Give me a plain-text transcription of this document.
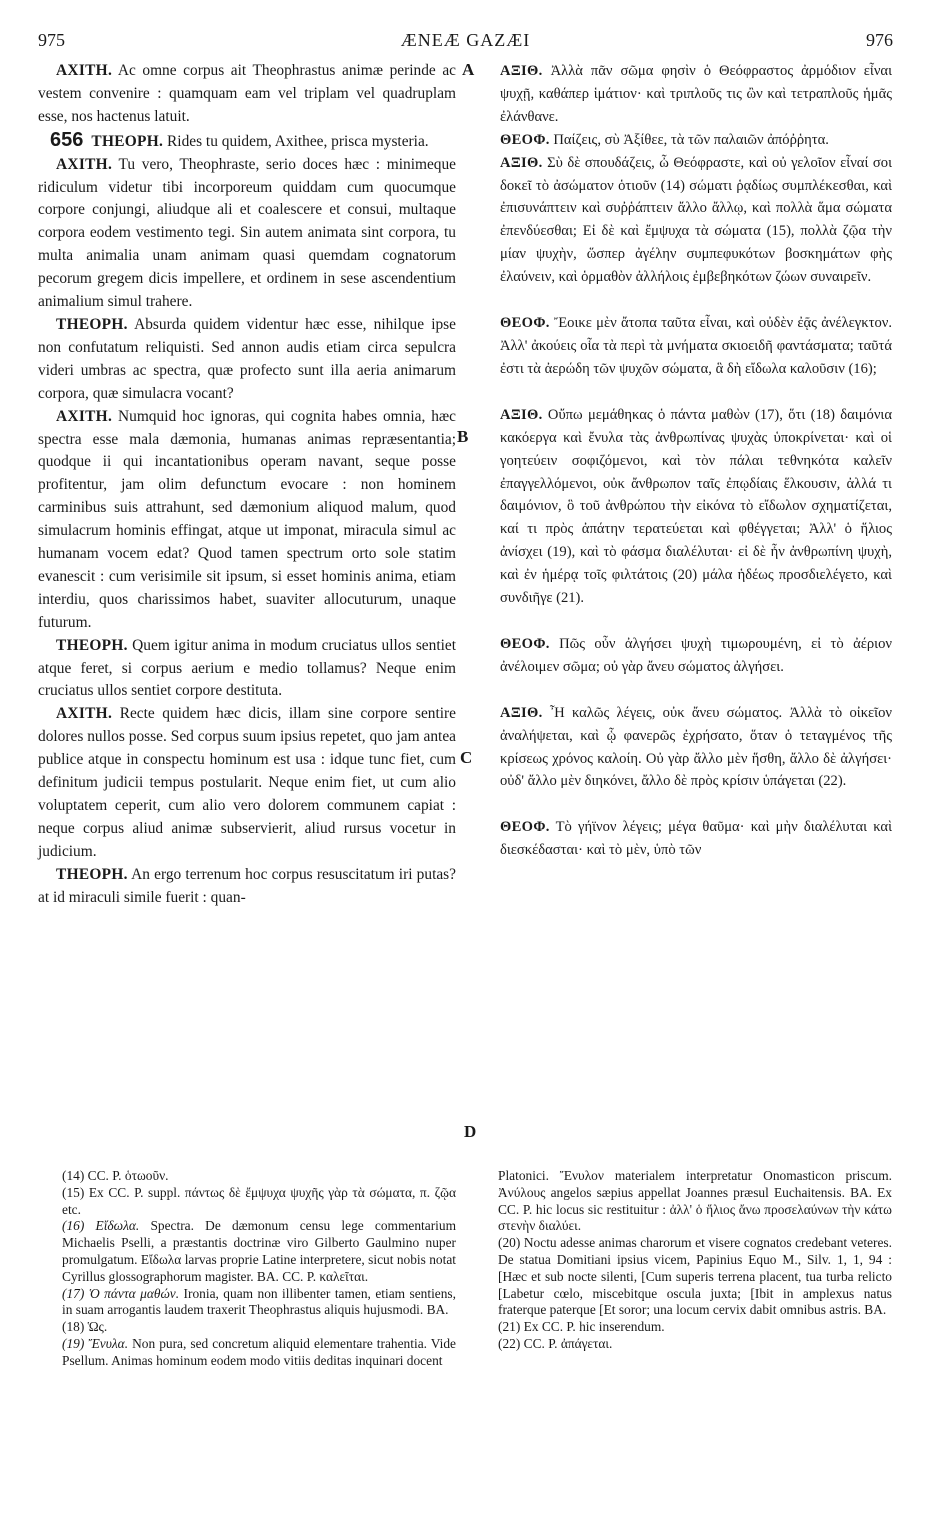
975	ÆNEÆ GAZÆI	976
A
B
C
D

AXITH. Ac omne corpus ait Theophrastus animæ perinde ac vestem convenire : quamquam eam vel triplam vel quadruplam esse, nos hactenus latuit.

656 THEOPH. Rides tu quidem, Axithee, prisca mysteria.

AXITH. Tu vero, Theophraste, serio doces hæc : minimeque ridiculum videtur tibi incorporeum quiddam cum quocumque corpore conjungi, aliudque ali et coalescere et consui, multaque corpora eodem vestimento tegi. Sin autem animata sint corpora, tu multa animalia unam animam quasi quemdam cognatorum pecorum gregem dicis impellere, et ordinem in sese ascendentium animalium simul trahere.

THEOPH. Absurda quidem videntur hæc esse, nihilque ipse non confutatum reliquisti. Sed annon audis etiam circa sepulcra videri umbras ac spectra, quæ profecto sunt illa aeria animarum corpora, quæ simulacra vocant?

AXITH. Numquid hoc ignoras, qui cognita habes omnia, hæc spectra esse mala dæmonia, humanas animas repræsentantia; quodque ii qui incantationibus operam navant, seque posse profitentur, jam olim defunctum evocare : non hominem carminibus suis attrahunt, sed dæmonium aliquod malum, quod simulacrum hominis effingat, atque ut imponat, miracula simul ac humanam vocem edat? Quod tamen spectrum orto sole statim evanescit : cum verisimile sit ipsum, si esset hominis anima, etiam interdiu, quos charissimos habet, suaviter allocuturum, unaque futurum.

THEOPH. Quem igitur anima in modum cruciatus ullos sentiet atque feret, si corpus aerium e medio tollamus? Neque enim cruciatus ullos sentiet corpore destituta.

AXITH. Recte quidem hæc dicis, illam sine corpore sentire dolores nullos posse. Sed corpus suum ipsius repetet, quo jam antea publice atque in conspectu hominum est usa : idque tunc fiet, cum definitum judicii tempus postularit. Neque enim fiet, ut cum alio voluptatem ceperit, cum alio vero dolorem communem capiat : neque corpus aliud animæ subservierit, aliud rursus vocetur in judicium.

THEOPH. An ergo terrenum hoc corpus resuscitatum iri putas? at id miraculi simile fuerit : quan-

ΑΞΙΘ. Ἀλλὰ πᾶν σῶμα φησὶν ὁ Θεόφραστος ἀρμόδιον εἶναι ψυχῇ, καθάπερ ἱμάτιον· καὶ τριπλοῦς τις ὢν καὶ τετραπλοῦς ἡμᾶς ἐλάνθανε.

ΘΕΟΦ. Παίζεις, σὺ Ἀξίθεε, τὰ τῶν παλαιῶν ἀπόῤῥητα.

ΑΞΙΘ. Σὺ δὲ σπουδάζεις, ὦ Θεόφραστε, καὶ οὐ γελοῖον εἶναί σοι δοκεῖ τὸ ἀσώματον ὁτιοῦν (14) σώματι ῥᾳδίως συμπλέκεσθαι, καὶ ἐπισυνάπτειν καὶ συῤῥάπτειν ἄλλο ἄλλῳ, καὶ πολλὰ ἅμα σώματα ἐπενδύεσθαι; Εἰ δὲ καὶ ἔμψυχα τὰ σώματα (15), πολλὰ ζῷα τὴν μίαν ψυχὴν, ὥσπερ ἀγέλην συμπεφυκότων βοσκημάτων φὴς ἐλαύνειν, καὶ ὁρμαθὸν ἀλλήλοις ἐμβεβηκότων ζώων συναιρεῖν.

ΘΕΟΦ. Ἔοικε μὲν ἄτοπα ταῦτα εἶναι, καὶ οὐδὲν ἐᾷς ἀνέλεγκτον. Ἀλλ' ἀκούεις οἷα τὰ περὶ τὰ μνήματα σκιοειδῆ φαντάσματα; ταῦτά ἐστι τὰ ἀερώδη τῶν ψυχῶν σώματα, ἃ δὴ εἴδωλα καλοῦσιν (16);

ΑΞΙΘ. Οὔπω μεμάθηκας ὁ πάντα μαθὼν (17), ὅτι (18) δαιμόνια κακόεργα καὶ ἔνυλα τὰς ἀνθρωπίνας ψυχὰς ὑποκρίνεται· καὶ οἱ γοητεύειν σοφιζόμενοι, καὶ τὸν πάλαι τεθνηκότα καλεῖν ἐπαγγελλόμενοι, οὐκ ἄνθρωπον ταῖς ἐπῳδίαις ἕλκουσιν, ἀλλά τι δαιμόνιον, ὃ τοῦ ἀνθρώπου τὴν εἰκόνα τὸ εἴδωλον σχηματίζεται, καί τι πρὸς ἀπάτην τερατεύεται καὶ φθέγγεται; Ἀλλ' ὁ ἥλιος ἀνίσχει (19), καὶ τὸ φάσμα διαλέλυται· εἰ δὲ ἦν ἀνθρωπίνη ψυχὴ, καὶ ἐν ἡμέρᾳ τοῖς φιλτάτοις (20) μάλα ἡδέως προσδιελέγετο, καὶ συνδιῆγε (21).

ΘΕΟΦ. Πῶς οὖν ἀλγήσει ψυχὴ τιμωρουμένη, εἰ τὸ ἀέριον ἀνέλοιμεν σῶμα; οὐ γὰρ ἄνευ σώματος ἀλγήσει.

ΑΞΙΘ. Ἦ καλῶς λέγεις, οὐκ ἄνευ σώματος. Ἀλλὰ τὸ οἰκεῖον ἀναλήψεται, καὶ ᾧ φανερῶς ἐχρήσατο, ὅταν ὁ τεταγμένος τῆς κρίσεως χρόνος καλοίη. Οὐ γὰρ ἄλλο μὲν ἥσθη, ἄλλο δὲ ἀλγήσει· οὐδ' ἄλλο μὲν διηκόνει, ἄλλο δὲ πρὸς κρίσιν ὑπάγεται (22).

ΘΕΟΦ. Τὸ γήϊνον λέγεις; μέγα θαῦμα· καὶ μὴν διαλέλυται καὶ διεσκέδασται· καὶ τὸ μὲν, ὑπὸ τῶν

(14) CC. P. ὁτωοῦν.

(15) Ex CC. P. suppl. πάντως δὲ ἔμψυχα ψυχῆς γὰρ τὰ σώματα, π. ζῷα etc.

(16) Εἴδωλα. Spectra. De dæmonum censu lege commentarium Michaelis Pselli, a præstantis doctrinæ viro Gilberto Gaulmino nuper promulgatum. Εἴδωλα larvas proprie Latine interpretere, sicut nobis notat Cyrillus glossographorum magister. BA. CC. P. καλεῖται.

(17) Ὁ πάντα μαθών. Ironia, quam non illibenter tamen, etiam sentiens, in suam arrogantis laudem traxerit Theophrastus aliquis hujusmodi. BA.

(18) Ὡς.

(19) Ἔνυλα. Non pura, sed concretum aliquid elementare trahentia. Vide Psellum. Animas hominum eodem modo vitiis deditas inquinari docent

Platonici. Ἔνυλον materialem interpretatur Onomasticon priscum. Ἀνύλους angelos sæpius appellat Joannes præsul Euchaitensis. BA. Ex CC. P. hic locus sic restituitur : ἀλλ' ὁ ἥλιος ἄνω προσελαύνων τὴν κάτω στενὴν διαλύει.

(20) Noctu adesse animas charorum et visere cognatos credebant veteres. De statua Domitiani ipsius vicem, Papinius Equo M., Silv. 1, 1, 94 : [Hæc et sub nocte silenti, [Cum superis terrena placent, tua turba relicto [Labetur cœlo, miscebitque oscula juxta; [Ibit in amplexus natus fraterque paterque [Et soror; una locum cervix dabit omnibus astris. BA.

(21) Ex CC. P. hic inserendum.

(22) CC. P. ἀπάγεται.
